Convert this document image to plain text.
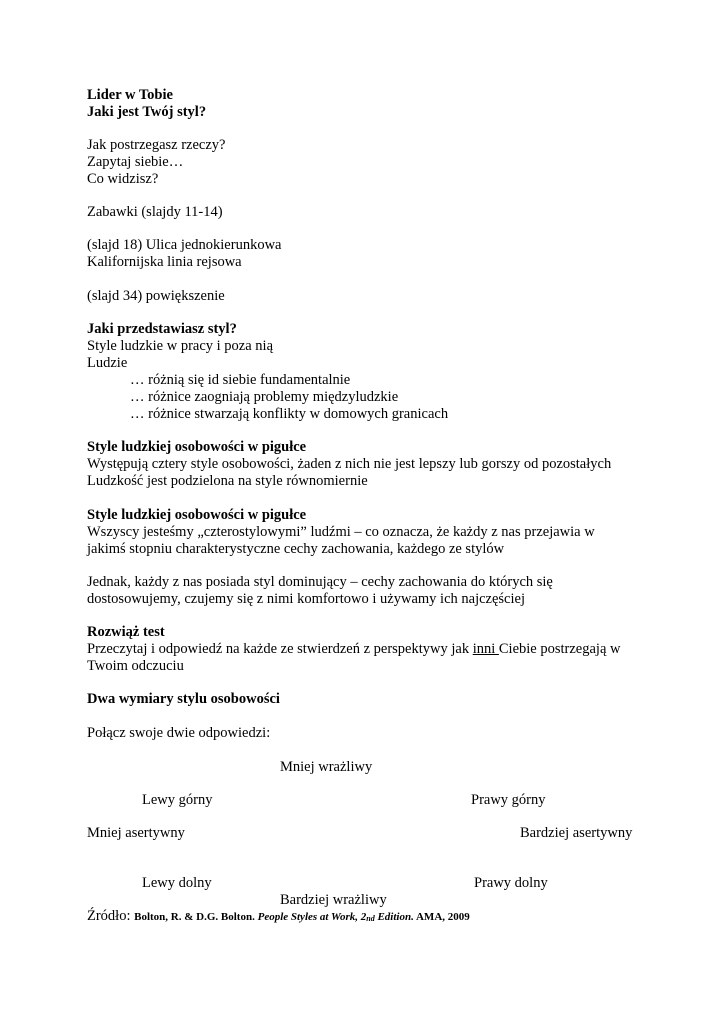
Lider w Tobie
Jaki jest Twój styl?
Jak postrzegasz rzeczy?
Zapytaj siebie…
Co widzisz?
Zabawki (slajdy 11-14)
(slajd 18) Ulica jednokierunkowa
Kalifornijska linia rejsowa
(slajd 34) powiększenie
Jaki przedstawiasz styl?
Style ludzkie w pracy i poza nią
Ludzie
… różnią się id siebie fundamentalnie
… różnice zaogniają problemy międzyludzkie
… różnice stwarzają konflikty w domowych granicach
Style ludzkiej osobowości w pigułce
Występują cztery style osobowości, żaden z nich nie jest lepszy lub gorszy od pozostałych
Ludzkość jest podzielona na style równomiernie
Style ludzkiej osobowości w pigułce
Wszyscy jesteśmy „czterostylowymi” ludźmi – co oznacza, że każdy z nas przejawia w
jakimś stopniu charakterystyczne cechy zachowania, każdego ze stylów
Jednak, każdy z nas posiada styl dominujący – cechy zachowania do których się
dostosowujemy, czujemy się z nimi komfortowo i używamy ich najczęściej
Rozwiąż test
Przeczytaj i odpowiedź na każde ze stwierdzeń z perspektywy jak inni Ciebie postrzegają w
Twoim odczuciu
Dwa wymiary stylu osobowości
Połącz swoje dwie odpowiedzi:
Mniej wrażliwy
Lewy górny	Prawy górny
Mniej asertywny	Bardziej asertywny
Lewy dolny	Prawy dolny
Bardziej wrażliwy
Źródło: Bolton, R. & D.G. Bolton. People Styles at Work, $2_{nd}$ Edition. AMA, 2009
